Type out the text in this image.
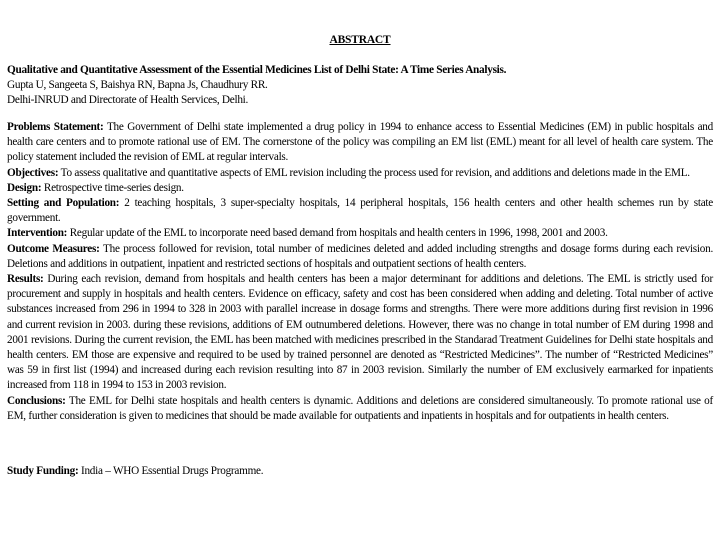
ABSTRACT
Qualitative and Quantitative Assessment of the Essential Medicines List of Delhi State: A Time Series Analysis.
Gupta U, Sangeeta S, Baishya RN, Bapna Js, Chaudhury RR.
Delhi-INRUD and Directorate of Health Services, Delhi.

Problems Statement: The Government of Delhi state implemented a drug policy in 1994 to enhance access to Essential Medicines (EM) in public hospitals and health care centers and to promote rational use of EM. The cornerstone of the policy was compiling an EM list (EML) meant for all level of health care system. The policy statement included the revision of EML at regular intervals.

Objectives: To assess qualitative and quantitative aspects of EML revision including the process used for revision, and additions and deletions made in the EML.

Design: Retrospective time-series design.

Setting and Population: 2 teaching hospitals, 3 super-specialty hospitals, 14 peripheral hospitals, 156 health centers and other health schemes run by state government.

Intervention: Regular update of the EML to incorporate need based demand from hospitals and health centers in 1996, 1998, 2001 and 2003.

Outcome Measures: The process followed for revision, total number of medicines deleted and added including strengths and dosage forms during each revision. Deletions and additions in outpatient, inpatient and restricted sections of hospitals and outpatient sections of health centers.

Results: During each revision, demand from hospitals and health centers has been a major determinant for additions and deletions. The EML is strictly used for procurement and supply in hospitals and health centers. Evidence on efficacy, safety and cost has been considered when adding and deleting. Total number of active substances increased from 296 in 1994 to 328 in 2003 with parallel increase in dosage forms and strengths. There were more additions during first revision in 1996 and current revision in 2003. during these revisions, additions of EM outnumbered deletions. However, there was no change in total number of EM during 1998 and 2001 revisions. During the current revision, the EML has been matched with medicines prescribed in the Standarad Treatment Guidelines for Delhi state hospitals and health centers. EM those are expensive and required to be used by trained personnel are denoted as “Restricted Medicines”. The number of “Restricted Medicines” was 59 in first list (1994) and increased during each revision resulting into 87 in 2003 revision. Similarly the number of EM exclusively earmarked for inpatients increased from 118 in 1994 to 153 in 2003 revision.

Conclusions: The EML for Delhi state hospitals and health centers is dynamic. Additions and deletions are considered simultaneously. To promote rational use of EM, further consideration is given to medicines that should be made available for outpatients and inpatients in hospitals and for outpatients in health centers.

Study Funding: India – WHO Essential Drugs Programme.
